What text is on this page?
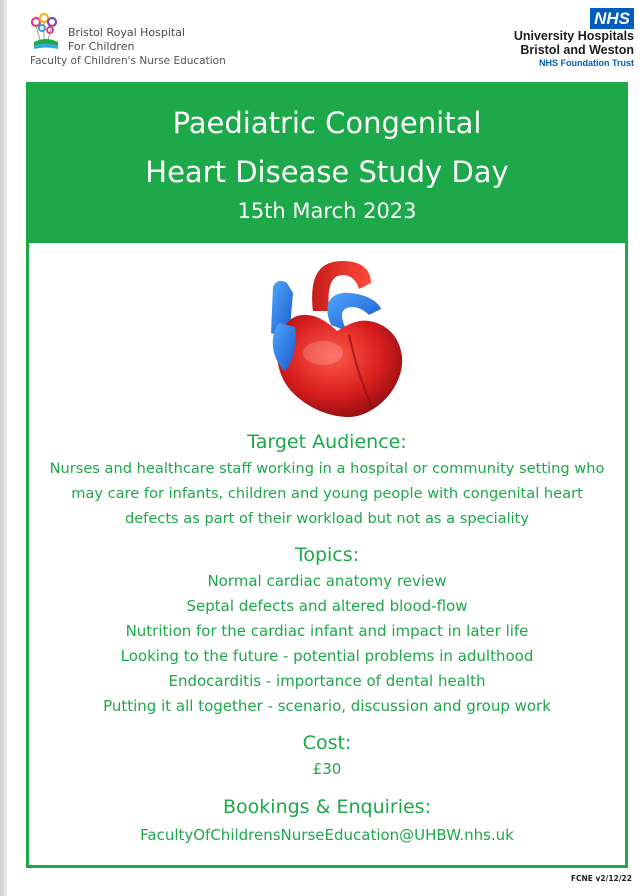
Bristol Royal Hospital
For Children
Faculty of Children's Nurse Education
NHS
University Hospitals
Bristol and Weston
NHS Foundation Trust
Paediatric Congenital
Heart Disease Study Day
15th March 2023
Target Audience:
Nurses and healthcare staff working in a hospital or community setting who
may care for infants, children and young people with congenital heart
defects as part of their workload but not as a speciality
Topics:
Normal cardiac anatomy review
Septal defects and altered blood-flow
Nutrition for the cardiac infant and impact in later life
Looking to the future - potential problems in adulthood
Endocarditis - importance of dental health
Putting it all together - scenario, discussion and group work
Cost:
£30
Bookings & Enquiries:
FacultyOfChildrensNurseEducation@UHBW.nhs.uk
FCNE v2/12/22
